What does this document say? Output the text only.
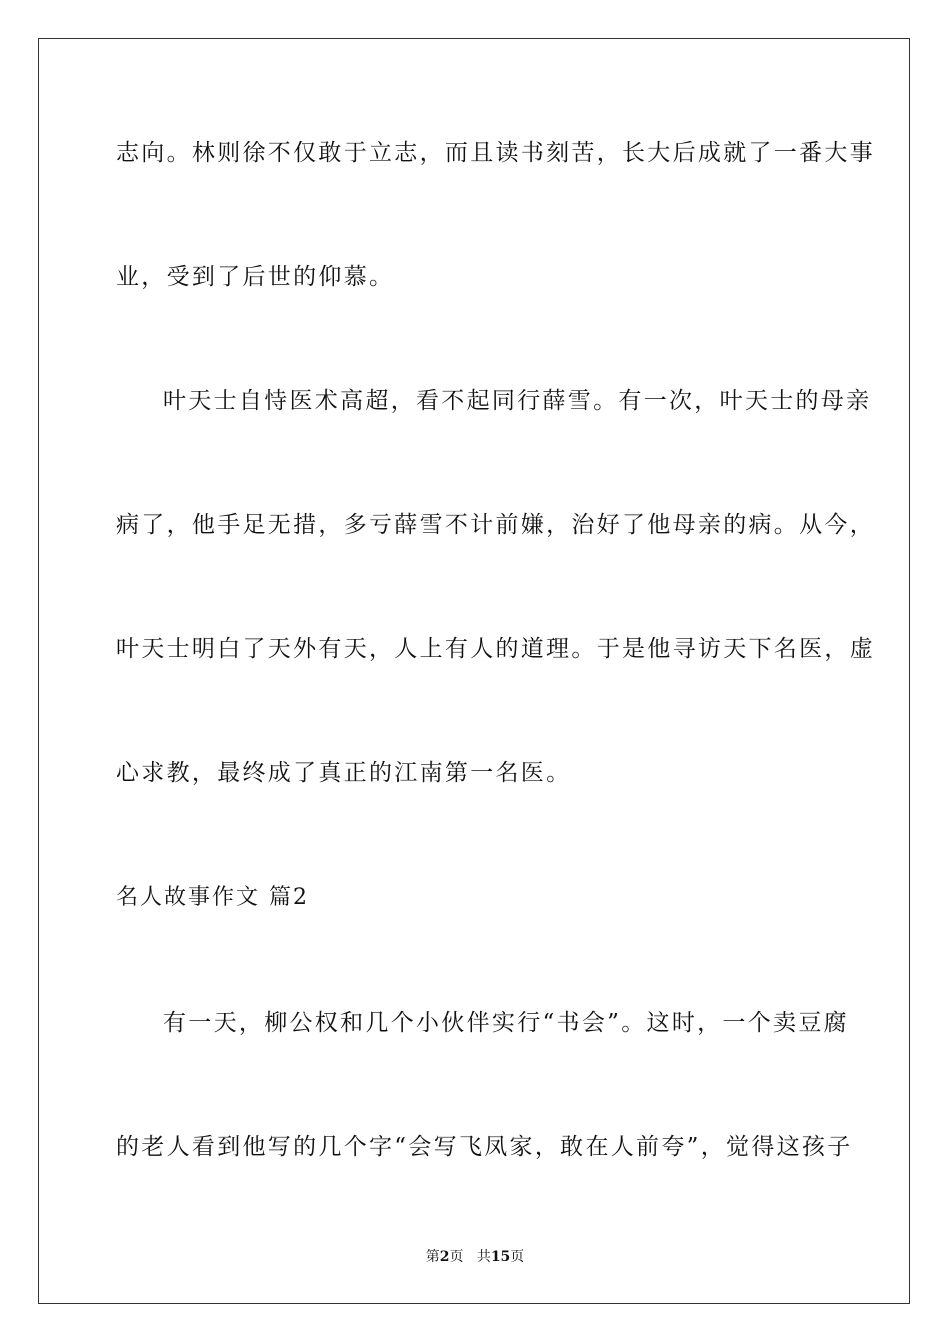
志向。林则徐不仅敢于立志，而且读书刻苦，长大后成就了一番大事
业，受到了后世的仰慕。
叶天士自恃医术高超，看不起同行薛雪。有一次，叶天士的母亲
病了，他手足无措，多亏薛雪不计前嫌，治好了他母亲的病。从今，
叶天士明白了天外有天，人上有人的道理。于是他寻访天下名医，虚
心求教，最终成了真正的江南第一名医。
名人故事作文 篇2
有一天，柳公权和几个小伙伴实行“书会”。这时，一个卖豆腐
的老人看到他写的几个字“会写飞凤家，敢在人前夸”，觉得这孩子
第2页 共15页
